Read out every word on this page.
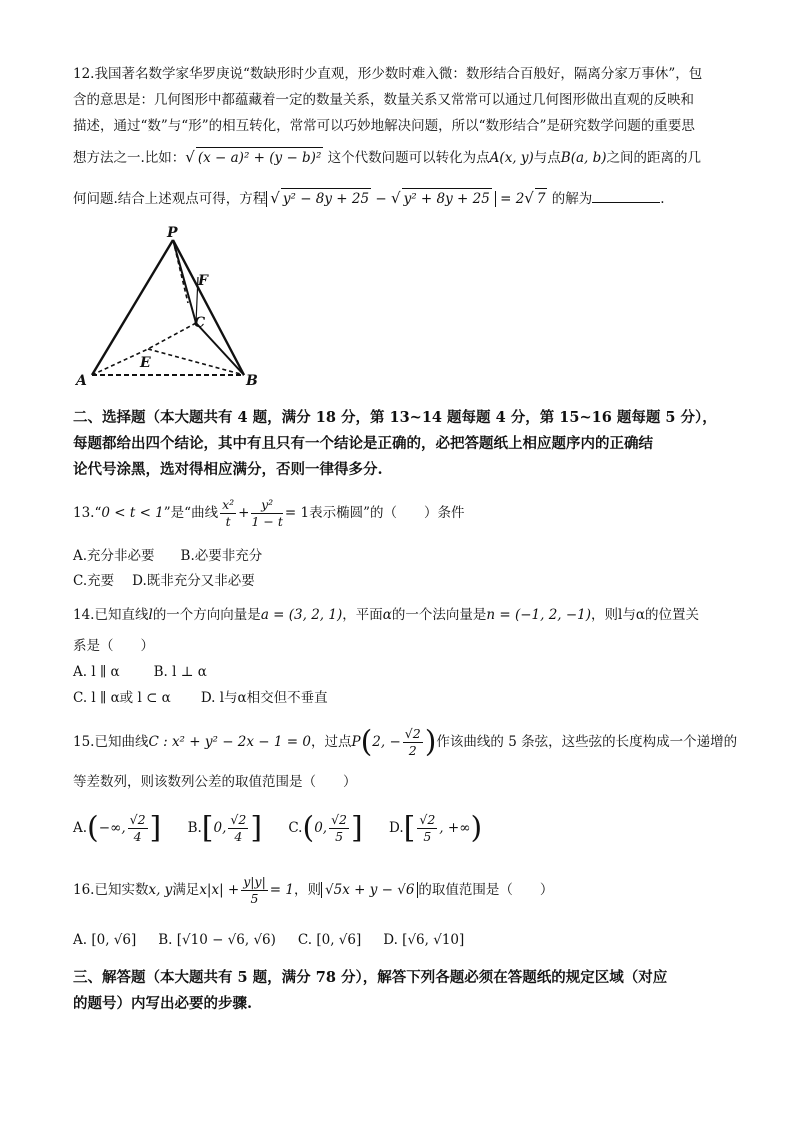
12.我国著名数学家华罗庚说“数缺形时少直观，形少数时难入微：数形结合百般好，隔离分家万事休”，包
含的意思是：几何图形中都蕴藏着一定的数量关系，数量关系又常常可以通过几何图形做出直观的反映和
描述，通过“数”与“形”的相互转化，常常可以巧妙地解决问题，所以“数形结合”是研究数学问题的重要思
想方法之一.比如：√ (x − a)² + (y − b)² 这个代数问题可以转化为点A(x, y)与点B(a, b)之间的距离的几
何问题.结合上述观点可得，方程 √ y² − 8y + 25 − √ y² + 8y + 25 = 2√ 7 的解为	.
P
F
C
E
A	B
二、选择题（本大题共有 4 题，满分 18 分，第 13~14 题每题 4 分，第 15~16 题每题 5 分），
每题都给出四个结论，其中有且只有一个结论是正确的，必把答题纸上相应题序内的正确结
论代号涂黑，选对得相应满分，否则一律得多分.
13.“0 < t < 1”是“曲线 $\frac{\text{x²}}{t} + \frac{\text{y²}}{1 - t} = 1$表示椭圆”的（　　）条件
A.充分非必要 B.必要非充分
C.充要 D.既非充分又非必要
14.已知直线l的一个方向向量是a = (3, 2, 1)，平面α的一个法向量是n = (−1, 2, −1)，则l与α的位置关
系是（　　）
A. l ∥ α	B. l ⊥ α
C. l ∥ α或 l ⊂ α D. l与α相交但不垂直
15.已知曲线C : x² + y² − 2x − 1 = 0，过点P(2, − $\frac{√2}{2}$ )作该曲线的 5 条弦，这些弦的长度构成一个递增的
等差数列，则该数列公差的取值范围是（　　）
A.(−∞, $\frac{√2}{4}$ ] B.[0, $\frac{√2}{4}$ ] C.(0, $\frac{√2}{5}$ ] $D.[ \frac{√2}{5}$ , +∞)
16.已知实数x, y满足$x|x| + \frac{y|y|}{5} = 1$，则 √5x + y − √6 的取值范围是（　　）
A. [0, √6] B. [√10 − √6, √6) C. [0, √6] D. [√6, √10]
三、解答题（本大题共有 5 题，满分 78 分），解答下列各题必须在答题纸的规定区域（对应
的题号）内写出必要的步骤.
